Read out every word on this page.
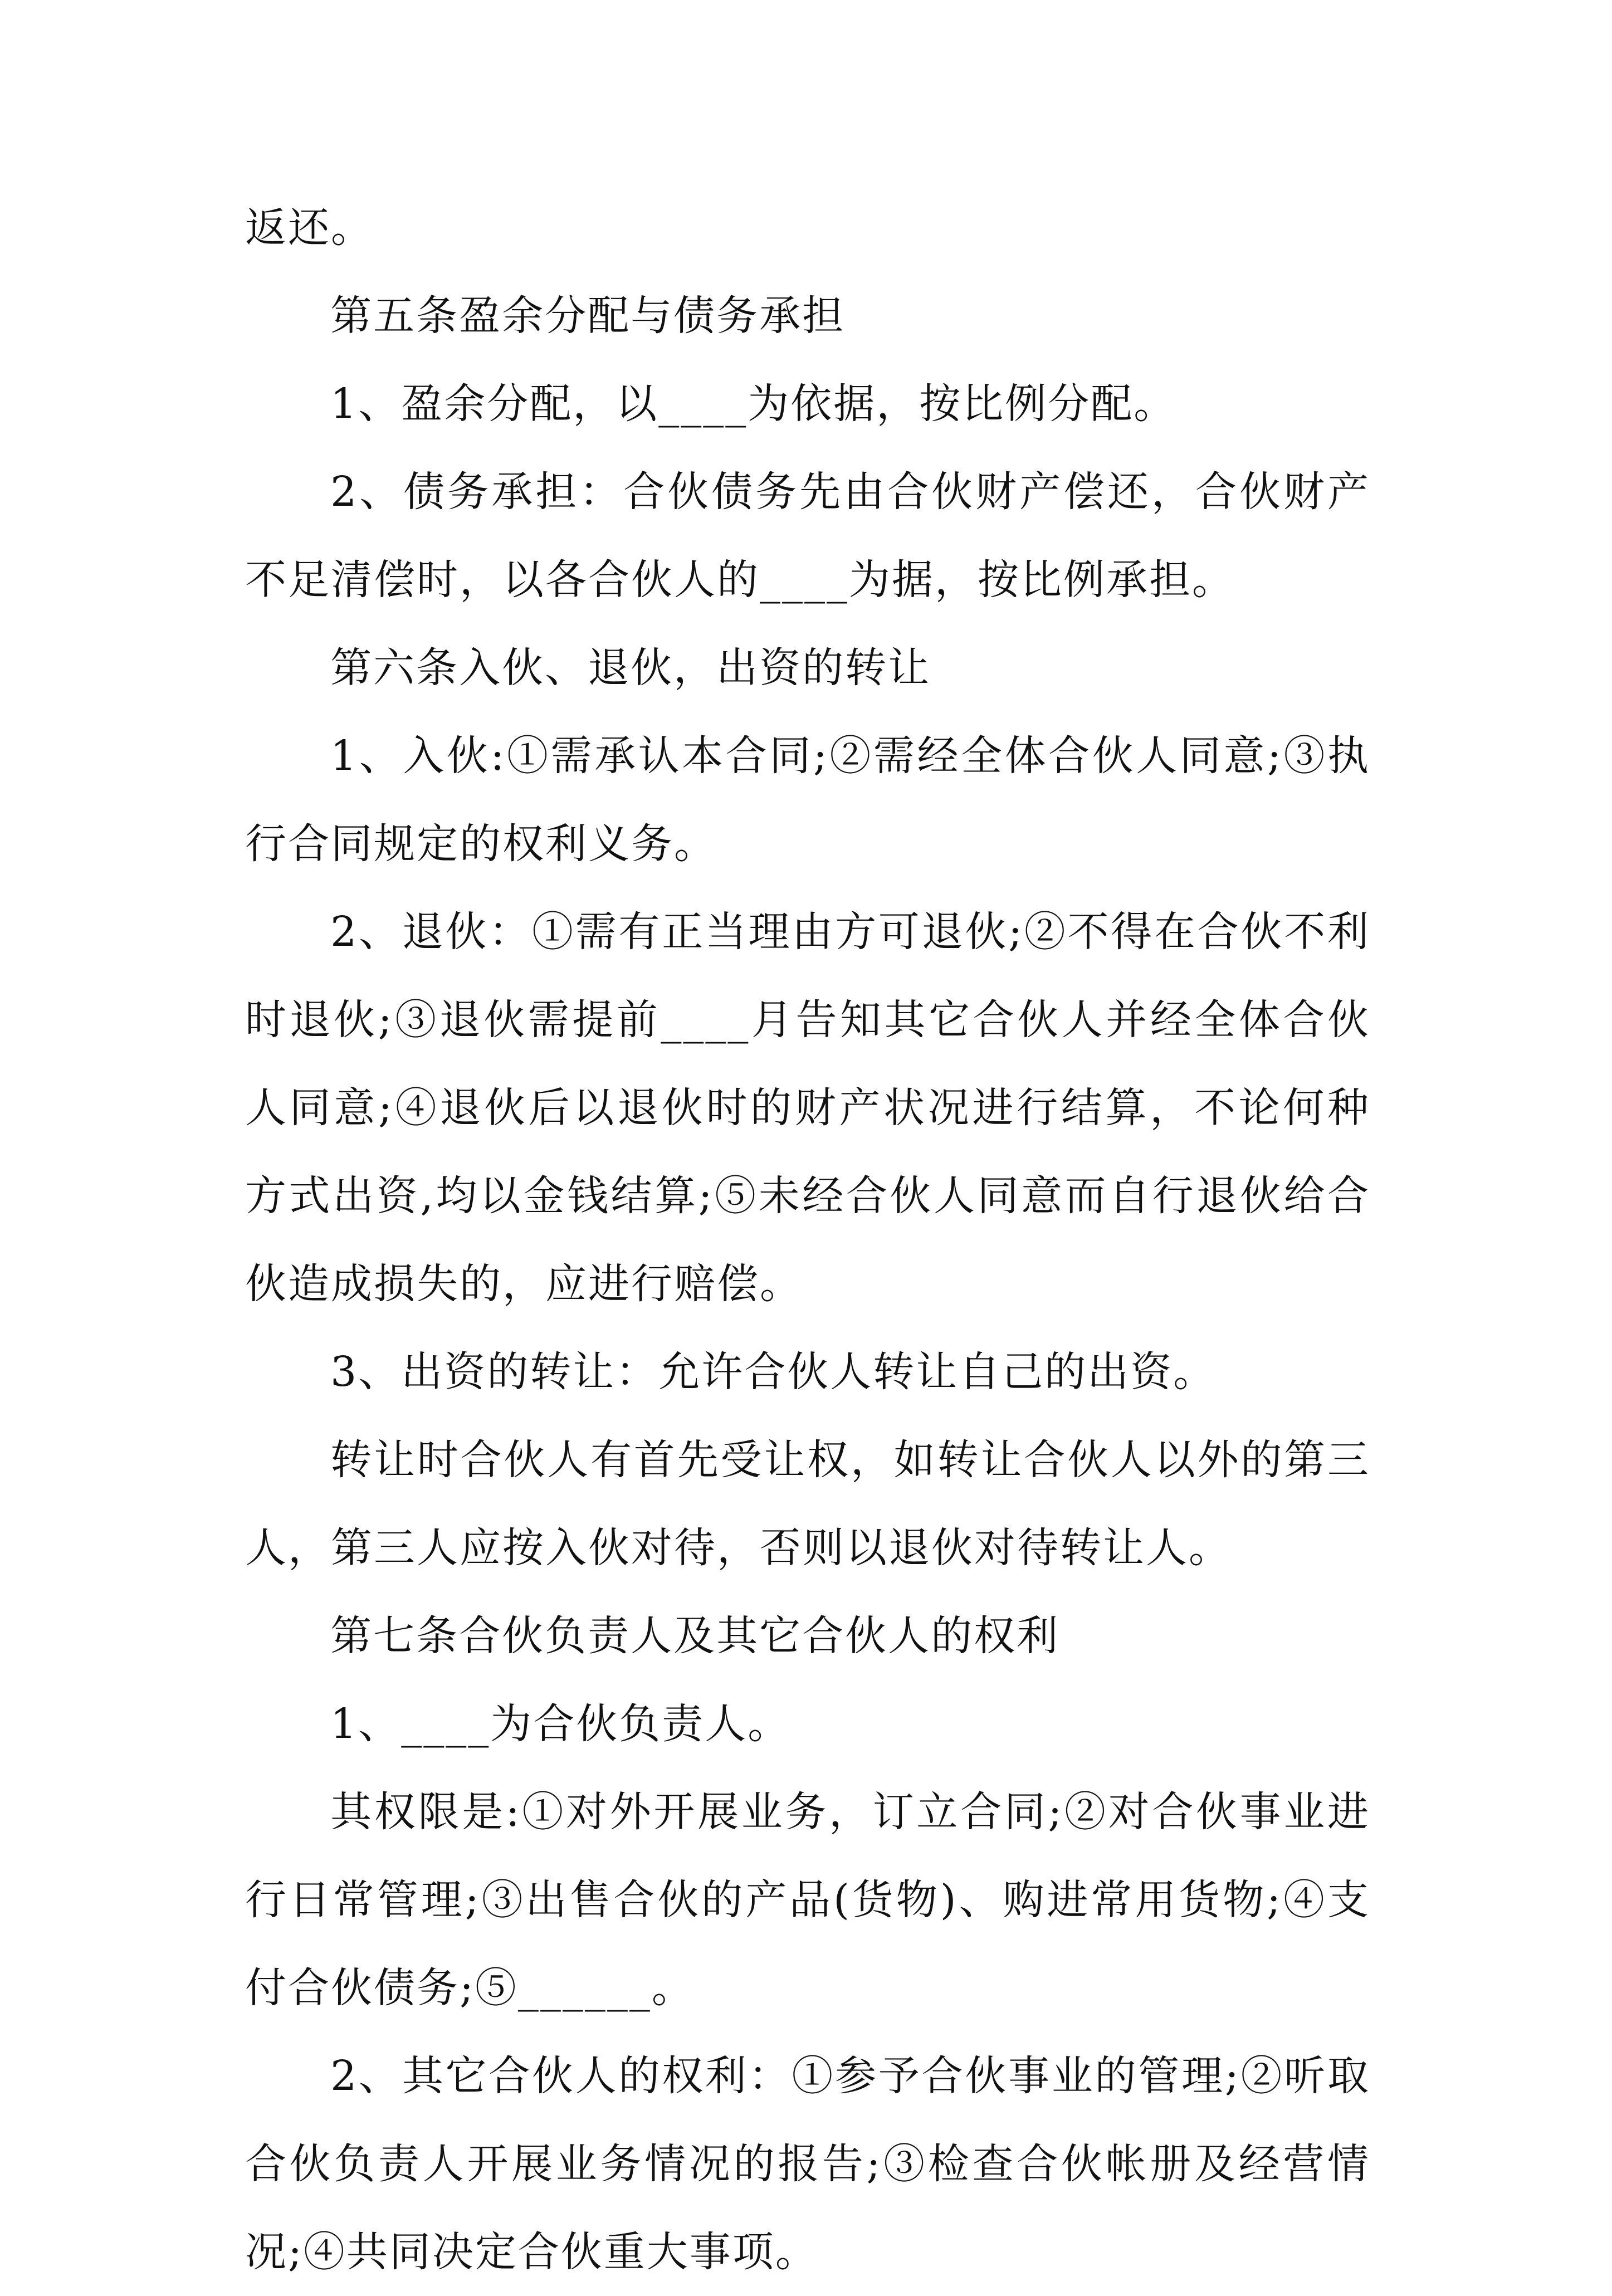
返还。

第五条盈余分配与债务承担

1、盈余分配，以____为依据，按比例分配。

2、债务承担：合伙债务先由合伙财产偿还，合伙财产不足清偿时，以各合伙人的____为据，按比例承担。

第六条入伙、退伙，出资的转让

1、入伙:①需承认本合同;②需经全体合伙人同意;③执行合同规定的权利义务。

2、退伙：①需有正当理由方可退伙;②不得在合伙不利时退伙;③退伙需提前____月告知其它合伙人并经全体合伙人同意;④退伙后以退伙时的财产状况进行结算，不论何种方式出资,均以金钱结算;⑤未经合伙人同意而自行退伙给合伙造成损失的，应进行赔偿。

3、出资的转让：允许合伙人转让自己的出资。

转让时合伙人有首先受让权，如转让合伙人以外的第三人，第三人应按入伙对待，否则以退伙对待转让人。

第七条合伙负责人及其它合伙人的权利

1、____为合伙负责人。

其权限是:①对外开展业务，订立合同;②对合伙事业进行日常管理;③出售合伙的产品(货物)、购进常用货物;④支付合伙债务;⑤______。

2、其它合伙人的权利：①参予合伙事业的管理;②听取合伙负责人开展业务情况的报告;③检查合伙帐册及经营情况;④共同决定合伙重大事项。
